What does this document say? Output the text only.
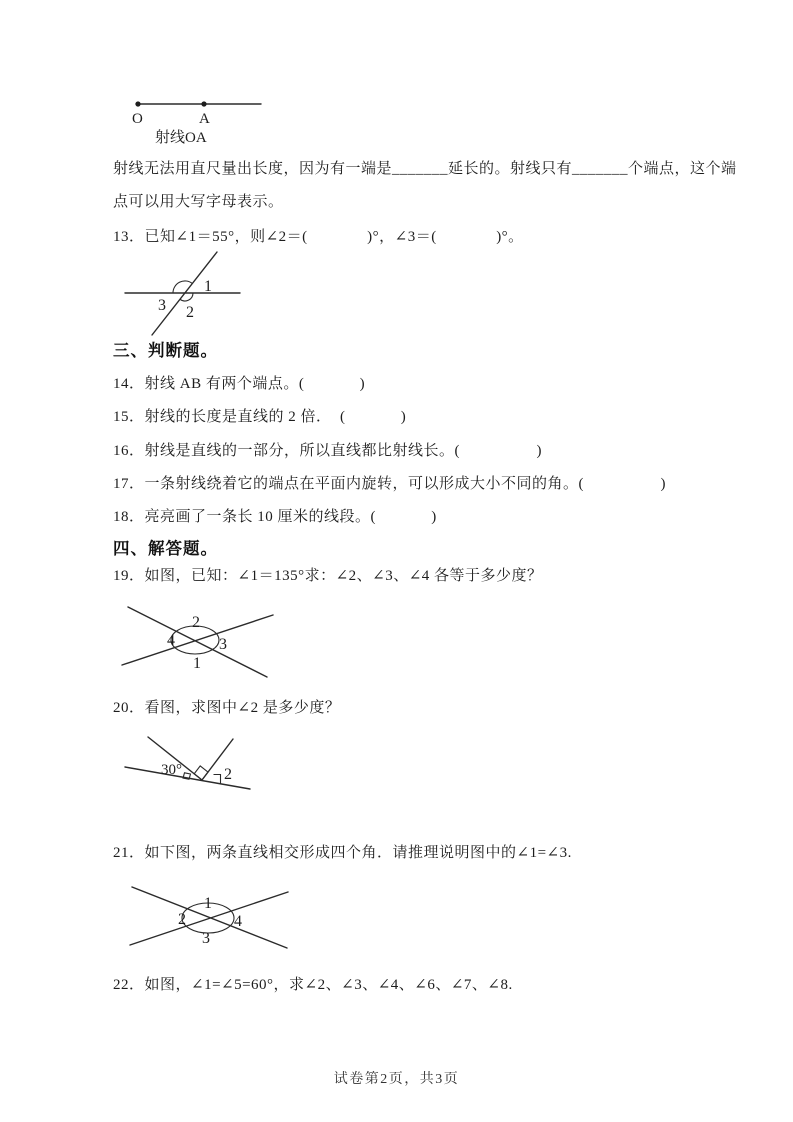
O	A
射线OA
射线无法用直尺量出长度，因为有一端是_______延长的。射线只有_______个端点，这个端
点可以用大写字母表示。
13．已知∠1＝55°，则∠2＝(              )°，∠3＝(              )°。
1
3 2
三、判断题。
14．射线 AB 有两个端点。(             )
15．射线的长度是直线的 2 倍．  (             )
16．射线是直线的一部分，所以直线都比射线长。(                  )
17．一条射线绕着它的端点在平面内旋转，可以形成大小不同的角。(                  )
18．亮亮画了一条长 10 厘米的线段。(             )
四、解答题。
19．如图，已知：∠1＝135°求：∠2、∠3、∠4 各等于多少度？
2
4	3
1
20．看图，求图中∠2 是多少度？
30°	2
21．如下图，两条直线相交形成四个角．请推理说明图中的∠1=∠3.
1
2	4
3
22．如图，∠1=∠5=60°，求∠2、∠3、∠4、∠6、∠7、∠8.
试卷第2页，共3页
